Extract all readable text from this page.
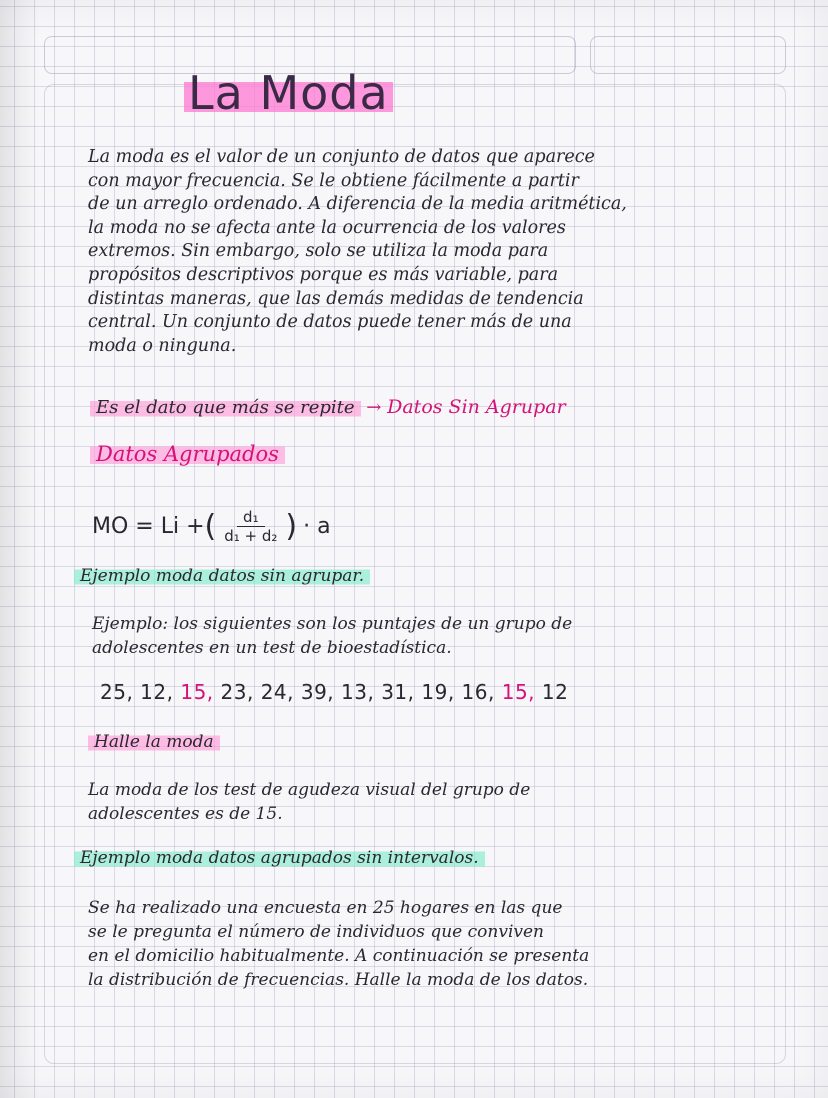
La Moda
La moda es el valor de un conjunto de datos que aparece
con mayor frecuencia. Se le obtiene fácilmente a partir
de un arreglo ordenado. A diferencia de la media aritmética,
la moda no se afecta ante la ocurrencia de los valores
extremos. Sin embargo, solo se utiliza la moda para
propósitos descriptivos porque es más variable, para
distintas maneras, que las demás medidas de tendencia
central. Un conjunto de datos puede tener más de una
moda o ninguna.
Es el dato que más se repite → Datos Sin Agrupar
Datos Agrupados
MO = Li + ( $\frac{\text{d₁}}{\text{d₁ + d₂}}$ ) · a
Ejemplo moda datos sin agrupar.
Ejemplo: los siguientes son los puntajes de un grupo de
adolescentes en un test de bioestadística.
25, 12, 15, 23, 24, 39, 13, 31, 19, 16, 15, 12
Halle la moda
La moda de los test de agudeza visual del grupo de
adolescentes es de 15.
Ejemplo moda datos agrupados sin intervalos.
Se ha realizado una encuesta en 25 hogares en las que
se le pregunta el número de individuos que conviven
en el domicilio habitualmente. A continuación se presenta
la distribución de frecuencias. Halle la moda de los datos.
